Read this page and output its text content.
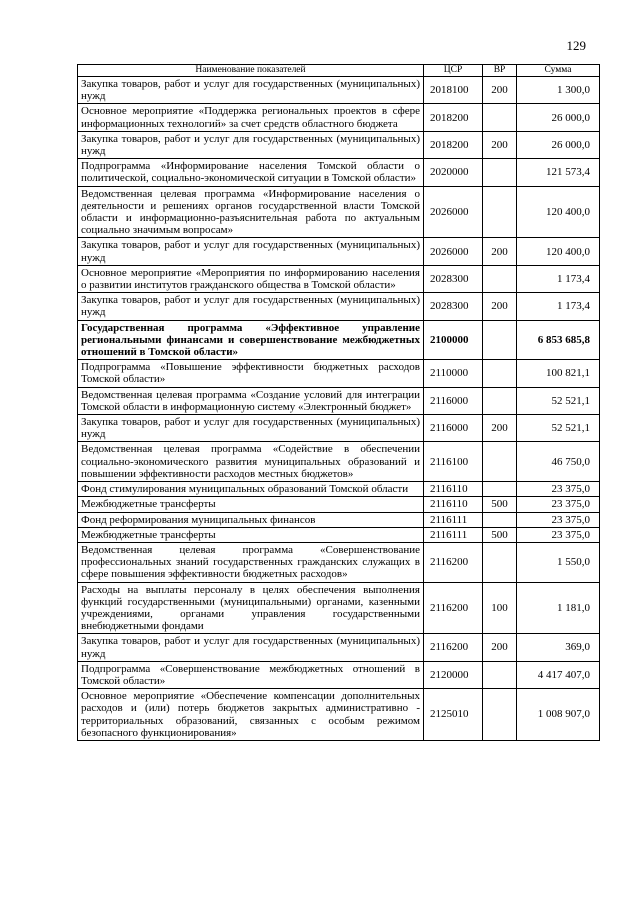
129
Наименование показателей	ЦСР	ВР	Сумма
Закупка товаров, работ и услуг для государственных (муниципальных) нужд	2018100	200	1 300,0
Основное мероприятие «Поддержка региональных проектов в сфере информационных технологий» за счет средств областного бюджета	2018200		26 000,0
Закупка товаров, работ и услуг для государственных (муниципальных) нужд	2018200	200	26 000,0
Подпрограмма «Информирование населения Томской области о политической, социально-экономической ситуации в Томской области»	2020000		121 573,4
Ведомственная целевая программа «Информирование населения о деятельности и решениях органов государственной власти Томской области и информационно-разъяснительная работа по актуальным социально значимым вопросам»	2026000		120 400,0
Закупка товаров, работ и услуг для государственных (муниципальных) нужд	2026000	200	120 400,0
Основное мероприятие «Мероприятия по информированию населения о развитии институтов гражданского общества в Томской области»	2028300		1 173,4
Закупка товаров, работ и услуг для государственных (муниципальных) нужд	2028300	200	1 173,4
Государственная программа «Эффективное управление региональными финансами и совершенствование межбюджетных отношений в Томской области»	2100000		6 853 685,8
Подпрограмма «Повышение эффективности бюджетных расходов Томской области»	2110000		100 821,1
Ведомственная целевая программа «Создание условий для интеграции Томской области в информационную систему «Электронный бюджет»	2116000		52 521,1
Закупка товаров, работ и услуг для государственных (муниципальных) нужд	2116000	200	52 521,1
Ведомственная целевая программа «Содействие в обеспечении социально-экономического развития муниципальных образований и повышении эффективности расходов местных бюджетов»	2116100		46 750,0
Фонд стимулирования муниципальных образований Томской области	2116110		23 375,0
Межбюджетные трансферты	2116110	500	23 375,0
Фонд реформирования муниципальных финансов	2116111		23 375,0
Межбюджетные трансферты	2116111	500	23 375,0
Ведомственная целевая программа «Совершенствование профессиональных знаний государственных гражданских служащих в сфере повышения эффективности бюджетных расходов»	2116200		1 550,0
Расходы на выплаты персоналу в целях обеспечения выполнения функций государственными (муниципальными) органами, казенными учреждениями, органами управления государственными внебюджетными фондами	2116200	100	1 181,0
Закупка товаров, работ и услуг для государственных (муниципальных) нужд	2116200	200	369,0
Подпрограмма «Совершенствование межбюджетных отношений в Томской области»	2120000		4 417 407,0
Основное мероприятие «Обеспечение компенсации дополнительных расходов и (или) потерь бюджетов закрытых административно - территориальных образований, связанных с особым режимом безопасного функционирования»	2125010		1 008 907,0
